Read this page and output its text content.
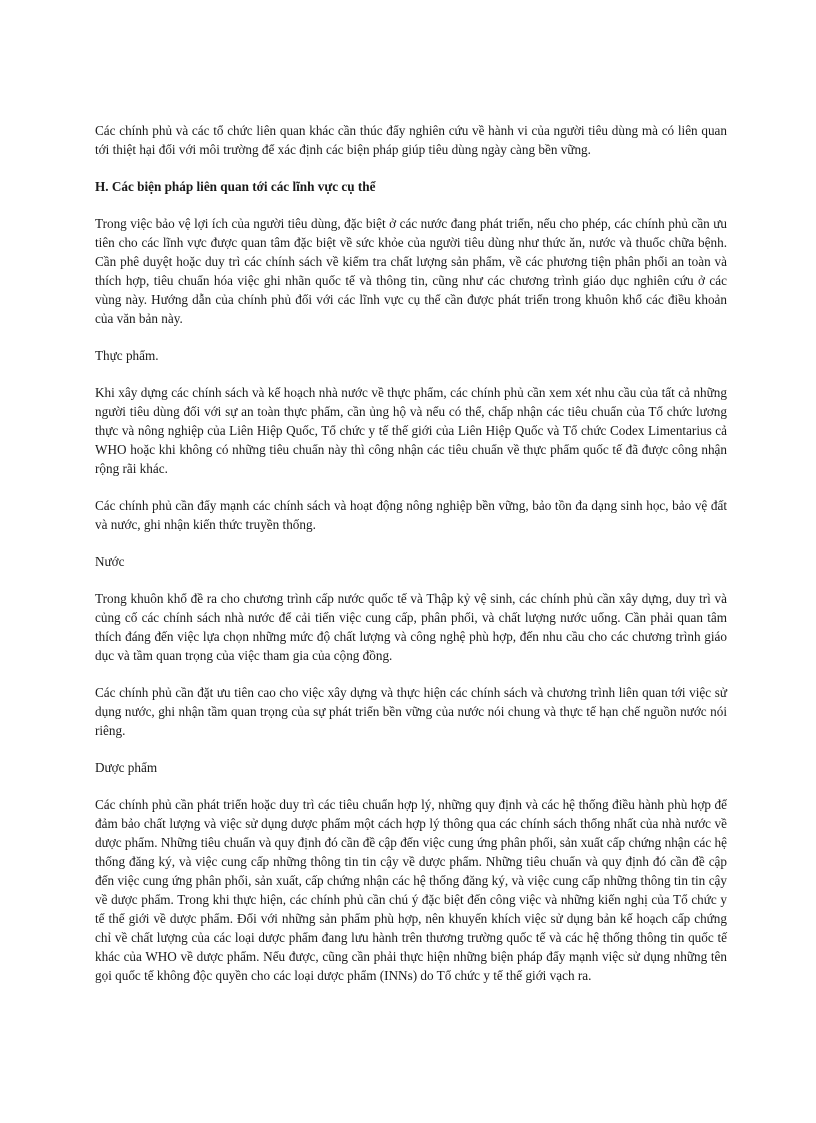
Các chính phủ và các tổ chức liên quan khác cần thúc đẩy nghiên cứu về hành vi của người tiêu dùng mà có liên quan tới thiệt hại đối với môi trường để xác định các biện pháp giúp tiêu dùng ngày càng bền vững.

H. Các biện pháp liên quan tới các lĩnh vực cụ thể

Trong việc bảo vệ lợi ích của người tiêu dùng, đặc biệt ở các nước đang phát triển, nếu cho phép, các chính phủ cần ưu tiên cho các lĩnh vực được quan tâm đặc biệt về sức khỏe của người tiêu dùng như thức ăn, nước và thuốc chữa bệnh. Cần phê duyệt hoặc duy trì các chính sách về kiểm tra chất lượng sản phẩm, về các phương tiện phân phối an toàn và thích hợp, tiêu chuẩn hóa việc ghi nhãn quốc tế và thông tin, cũng như các chương trình giáo dục nghiên cứu ở các vùng này. Hướng dẫn của chính phủ đối với các lĩnh vực cụ thể cần được phát triển trong khuôn khổ các điều khoản của văn bản này.

Thực phẩm.

Khi xây dựng các chính sách và kế hoạch nhà nước về thực phẩm, các chính phủ cần xem xét nhu cầu của tất cả những người tiêu dùng đối với sự an toàn thực phẩm, cần ủng hộ và nếu có thể, chấp nhận các tiêu chuẩn của Tổ chức lương thực và nông nghiệp của Liên Hiệp Quốc, Tổ chức y tế thế giới của Liên Hiệp Quốc và Tổ chức Codex Limentarius cả WHO hoặc khi không có những tiêu chuẩn này thì công nhận các tiêu chuẩn về thực phẩm quốc tế đã được công nhận rộng rãi khác.

Các chính phủ cần đẩy mạnh các chính sách và hoạt động nông nghiệp bền vững, bảo tồn đa dạng sinh học, bảo vệ đất và nước, ghi nhận kiến thức truyền thống.

Nước

Trong khuôn khổ đề ra cho chương trình cấp nước quốc tế và Thập kỷ vệ sinh, các chính phủ cần xây dựng, duy trì và củng cố các chính sách nhà nước để cải tiến việc cung cấp, phân phối, và chất lượng nước uống. Cần phải quan tâm thích đáng đến việc lựa chọn những mức độ chất lượng và công nghệ phù hợp, đến nhu cầu cho các chương trình giáo dục và tầm quan trọng của việc tham gia của cộng đồng.

Các chính phủ cần đặt ưu tiên cao cho việc xây dựng và thực hiện các chính sách và chương trình liên quan tới việc sử dụng nước, ghi nhận tầm quan trọng của sự phát triển bền vững của nước nói chung và thực tế hạn chế nguồn nước nói riêng.

Dược phẩm

Các chính phủ cần phát triển hoặc duy trì các tiêu chuẩn hợp lý, những quy định và các hệ thống điều hành phù hợp để đảm bảo chất lượng và việc sử dụng dược phẩm một cách hợp lý thông qua các chính sách thống nhất của nhà nước về dược phẩm. Những tiêu chuẩn và quy định đó cần đề cập đến việc cung ứng phân phối, sản xuất cấp chứng nhận các hệ thống đăng ký, và việc cung cấp những thông tin tin cậy về dược phẩm. Những tiêu chuẩn và quy định đó cần đề cập đến việc cung ứng phân phối, sản xuất, cấp chứng nhận các hệ thống đăng ký, và việc cung cấp những thông tin tin cậy về dược phẩm. Trong khi thực hiện, các chính phủ cần chú ý đặc biệt đến công việc và những kiến nghị của Tổ chức y tế thế giới về dược phẩm. Đối với những sản phẩm phù hợp, nên khuyến khích việc sử dụng bản kế hoạch cấp chứng chỉ về chất lượng của các loại dược phẩm đang lưu hành trên thương trường quốc tế và các hệ thống thông tin quốc tế khác của WHO về dược phẩm. Nếu được, cũng cần phải thực hiện những biện pháp đẩy mạnh việc sử dụng những tên gọi quốc tế không độc quyền cho các loại dược phẩm (INNs) do Tổ chức y tế thế giới vạch ra.
